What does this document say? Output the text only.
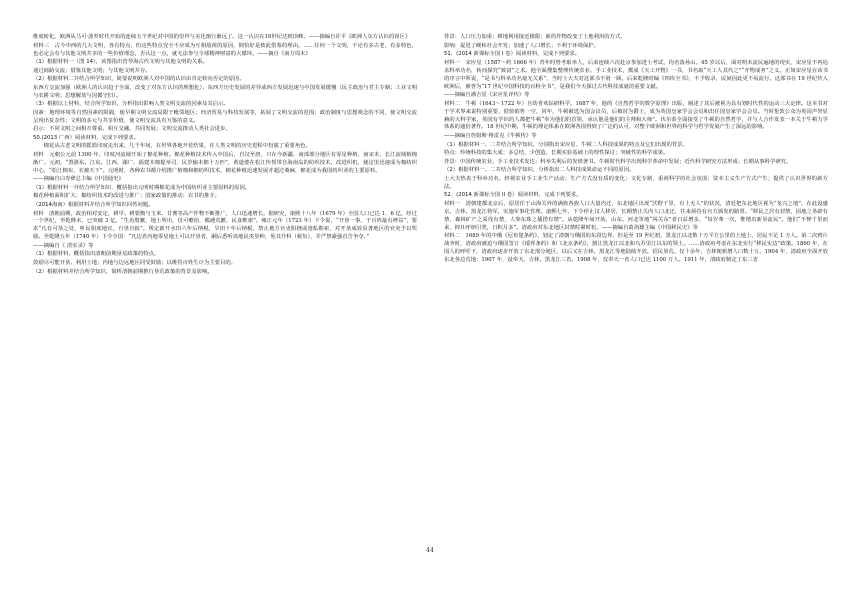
维度转化，欧洲从马可·波罗时代开始的连续五个世纪对中国的崇拜与美化渐行渐远了。这一认识在19世纪达到顶峰。——摘编自许平《欧洲人东方认识的误区》

材料三　古今中西的几大文明，各有特点，但这些特点究全不应成为互相敌视的原因，倒恰好是彼此借鉴的理由。……任何一个文明，不论有多古老，有多特色，也必定会有与其他文明共享的一些价值理念，否认这一点，就无法参与全球精神财富的大循环。——摘自《南方周末》

（1）根据材料一（图 14），该图指出营琴海古代文明与其他文明的关系。

通过商路交流；借鉴其他文明；与其他文明并存。

（2）根据材料二并结合所学知识，简要说明欧洲人对中国的认识由肯定转向否定的原因。

东西方交流加强（欧洲人的认识趋于全面，改变了对东方认识的理想化）；东西方历史发展的差异或西方发展迅速与中国发展缓慢（民主政治与君主专制；工业文明与农耕文明；思想解放与因循守旧）。

（3）根据以上材料，结合所学知识，分析指出影响人类文明交流的因素及其启示。

因素：地理环境等自然因素的阻隔，使早期文明交流局限于毗邻地区；经济贸易与科技发展等，拓展了文明交流的范围；政治制度与思想观念的不同，使文明交流呈现出复杂性；文明的多元与共享价值，使文明交流具有互鉴的意义。

启示：不同文明之间相互尊重、相互交融，共同发展；文明交流推动人类社会进步。

50.(2013 广西）阅读材料，完成下列要求。

　　棉花从古老文明的摇篮印度走出来，几千年间，在世界各地开花结果，在人类文明的历史进程中扮演了重要角色。

材料　元朝公元前 1300 年，印度河流域开始了棉花种植。棉花种植技术传入中国后，自汉至唐，只在今新疆、南部部分地区有零星种植，南宋末，长江流域植棉渐广。元初，“置浙东、江东、江西、湖广、福建木棉提举司，民岁输木棉十万匹”，黄道婆在松江传授带自海南岛的纺织技术，改进织机，使这里迅速成为棉纺织中心，“松江棉布，衣被天下”。元明时，各种农书都介绍推广植棉和棉纺织技术，棉花种植迅速发展并超过桑麻，棉花成为我国纺织业的主要原料。

——摘编自白寿彝总主编《中国通史》

（1）根据材料一并结合所学知识，概括指出元明时期棉花成为中国纺织业主要原料的原因。

棉花种植面积扩大；棉纺织技术的改进与推广；国家政策的推动；农书的推介。

（2014海南）根据材料并结合所学知识回答问题。

材料　清朝前期，政治相对安定，耕早、耕要衡与玉米、甘薯等高产作物不断推广，人口迅速增长。据研究，康熙十八年（1679 年）全国人口已达 1．6 亿，经过一个世纪，至乾隆末，已突破 3 亿。“生齿殷繁，地土所出，仅可赡给，偶遇荒歉，民食维艰”。雍正元年（1723 年）下令说，“开垦一事，于百姓最有裨益”，要求“凡有可垦之处，听民相度地宜，自垦自报”。规定新开水田六年后纳税，旱田十年后纳税，禁止地方官吏阻挠或逸私勒索，对开垦成效显著地区的官吏予以奖励。至乾隆五年（1740 年）下令全国：“凡边省内地零星地土可以开垦者，嗣后悉听该地民夷垦种，免其升科（税负），并严禁豪强首告争夺。”

——摘编自《 清实录》等

（1）根据材料，概括指出清朝前期垦荒政策的特点。

鼓励尽可能开垦、利用土地；内地与边远地区同受鼓励；以维持百姓生计为主要目的。

（2）根据材料并结合所学知识，简析清朝前期推行垦荒政策的背景及影响。

背景：人口压力加重；耕地利用接近极限；新的作物改变了土地利用的方式。

影响：促进了硬和社会开发；加速了人口增长；不利于环境保护。

51．(2014 新课标全国 I 卷）阅读材料，完成下列要求。

材料一　宋应星（1587～约 1666 年）青年时曾考取举人，后来连续六次赴京参加进士考试，均名落孙山。45 岁以后，面对明末流民遍地的现实，宋应星不再追求科举功名，转而探究“致富”之术。他全面搜集整理传统农业、手工业技术，撰成《天工开物》一书，书名取“天工人其代之”“开物成务”之义。正如宋应星在该书的序言中所说，“是书与科举功名毫无关系”，当时士大夫对这部书不屑一顾。后来乾隆时编《四库全书》，不予收录，民间因此更不易流行。这部书在 19 世纪传入欧洲后，被誉为“17 世纪中国科技的百科全书”，是我们今天探讨古代科技成就的重要文献。

——摘编自潘吉星《宋应星评传》等

材料二　牛顿（1643～1722 年）自幼喜欢钻研科学。1687 年，他的《自然哲学的数学原理》出版，阐述了其后被视为具有划时代性的运动三大定律。这本书对于学术界来说特别重要，很快销售一空，同年，牛顿被选为国会议员，后被封为爵士，成为英国皇家学会会员和出任国皇家学会会员。当时伦敦公众为英国声誉显赫的大科学家，英国有学识的人都把牛顿“奉为他们的首领，承认他是他们的主帅和大师”。伏尔泰全面接受了牛顿的自然哲学，并与人合作发表一本关于牛顿力学体系的通俗著作。18 世纪中期，牛顿的理论体系在欧洲各国得到了广泛的认可，对整个欧洲和世界的科学与哲学发展产生了深远的影响。

——摘编自詹姆斯·格雷克《牛顿传》等

（1）根据材料一、二并结合所学知识，分别指出宋应星、牛顿二人科技成果的特点及它们出现的背景。

特点：传统科技的集大成；多总结，少创造。长期实验基础上的理性探讨；突破性的科学成果。

背景：中国传统农业、手工业技术发达；科举失利后的发愤著书。牛顿时代科学出现科学革命中发展；近代科学研究方法形成；长期从事科学研究。

（2）根据材料一、二并结合所学知识，分析指出二人科技成果命运不同的原因。

士大夫热衷于科举功名、轻视农业手工业生产活动；生产方式没有质的变化；文化专制，重视科学的社会氛围；资本主义生产方式产生；提供了认识世界的新方法。

52．(2014 新课标全国 II 卷）阅读材料，完成下列要求。

材料一　清朝建都北京后，原居住于山海关外的满族各族人口大量内迁，东北地区出现“沃野千里，有土无人”的状况，清廷把东北地区视为“龙兴之地”，在此设盛京、吉林、黑龙江将军，实施军事化管理。康熙七年，下令停止汉人移居，长期禁止关内人口北迁，往来须持有官方颁发的路票。“移民之居有封禁，因地之垦辟有禁，森林矿产之采伐有禁，人参东珠之捕捞有禁”。从乾隆年间开始，山东、河北等地“闯关东”者日益增多，“每岁弗一次，惟增出新垦流民”。他们“不惮千里而来，抑且呼朋引类，日积月多”。清政府对东北地区封禁时紧时松。——摘编自葛剑雄主编《中国移民史》等

材料二　1689 年的中俄《尼布楚条约》，划定了清朝与俄国的东段边界，但是至 19 世纪初，黑龙江以北数十万平方公里的土地上，居民不足 1 万人。第二次鸦片战争时，清政府被迫与俄国签订《瑷珲条约》和《北京条约》，割让黑龙江以北和乌苏里江以东的领土。……清政府考虑在东北实行“移民实边”政策。1860 年，在国人的呼吁下，清政府逐步开放了东北部分地区，以后又在吉林、黑龙江等地陆续开放，招民垦荒。仅十余年，吉林便新增人口数十万。1904 年，清政府全面开放东北各边荒地；1907 年，设奉天、吉林、黑龙江三省。1908 年，仅奉天一省人口已达 1100 万人。1911 年，清政府制定了东三省

44
